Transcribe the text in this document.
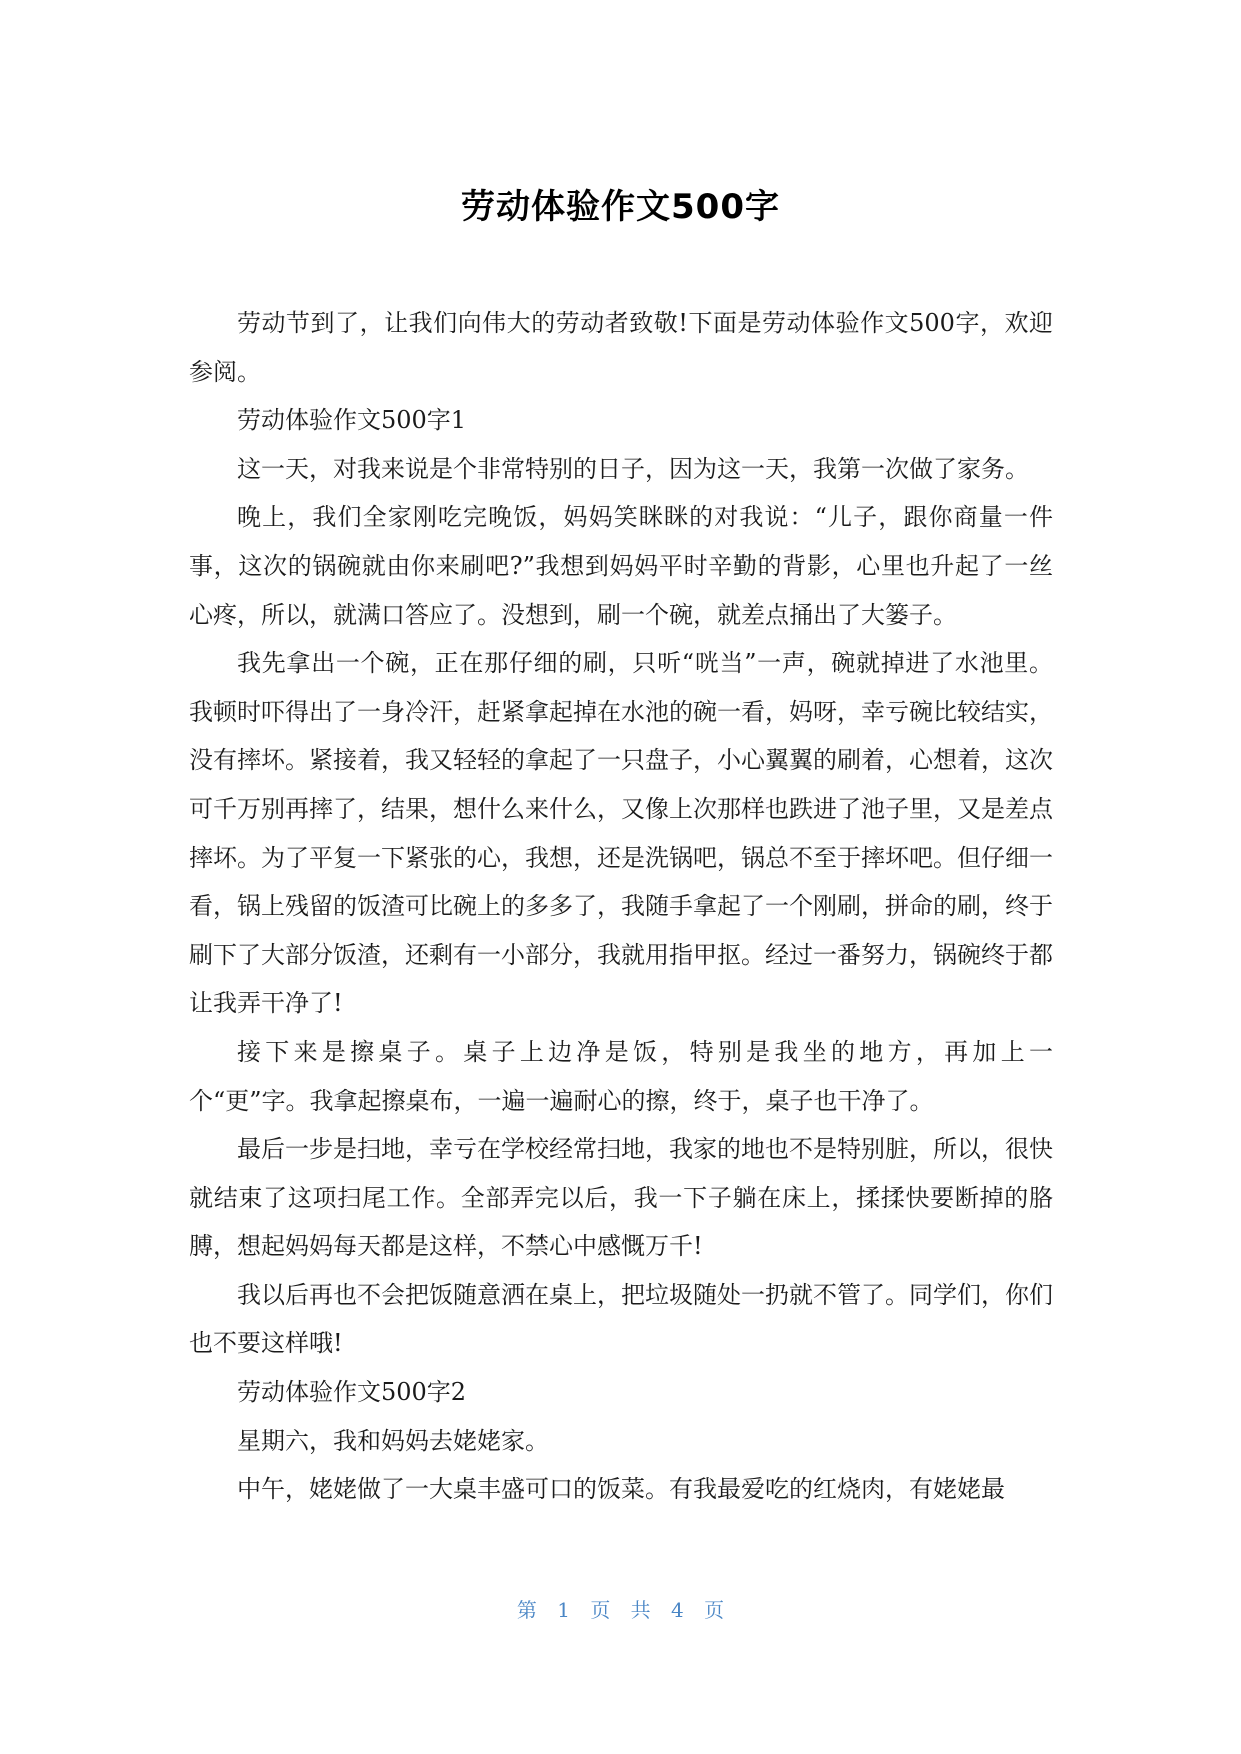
劳动体验作文500字

劳动节到了，让我们向伟大的劳动者致敬!下面是劳动体验作文500字，欢迎参阅。

劳动体验作文500字1

这一天，对我来说是个非常特别的日子，因为这一天，我第一次做了家务。

晚上，我们全家刚吃完晚饭，妈妈笑眯眯的对我说：“儿子，跟你商量一件事，这次的锅碗就由你来刷吧?”我想到妈妈平时辛勤的背影，心里也升起了一丝心疼，所以，就满口答应了。没想到，刷一个碗，就差点捅出了大篓子。

我先拿出一个碗，正在那仔细的刷，只听“咣当”一声，碗就掉进了水池里。我顿时吓得出了一身冷汗，赶紧拿起掉在水池的碗一看，妈呀，幸亏碗比较结实，没有摔坏。紧接着，我又轻轻的拿起了一只盘子，小心翼翼的刷着，心想着，这次可千万别再摔了，结果，想什么来什么，又像上次那样也跌进了池子里，又是差点摔坏。为了平复一下紧张的心，我想，还是洗锅吧，锅总不至于摔坏吧。但仔细一看，锅上残留的饭渣可比碗上的多多了，我随手拿起了一个刚刷，拼命的刷，终于刷下了大部分饭渣，还剩有一小部分，我就用指甲抠。经过一番努力，锅碗终于都让我弄干净了!

接下来是擦桌子。桌子上边净是饭，特别是我坐的地方，再加上一个“更”字。我拿起擦桌布，一遍一遍耐心的擦，终于，桌子也干净了。

最后一步是扫地，幸亏在学校经常扫地，我家的地也不是特别脏，所以，很快就结束了这项扫尾工作。全部弄完以后，我一下子躺在床上，揉揉快要断掉的胳膊，想起妈妈每天都是这样，不禁心中感慨万千!

我以后再也不会把饭随意洒在桌上，把垃圾随处一扔就不管了。同学们，你们也不要这样哦!

劳动体验作文500字2

星期六，我和妈妈去姥姥家。

中午，姥姥做了一大桌丰盛可口的饭菜。有我最爱吃的红烧肉，有姥姥最

第 1 页 共 4 页
